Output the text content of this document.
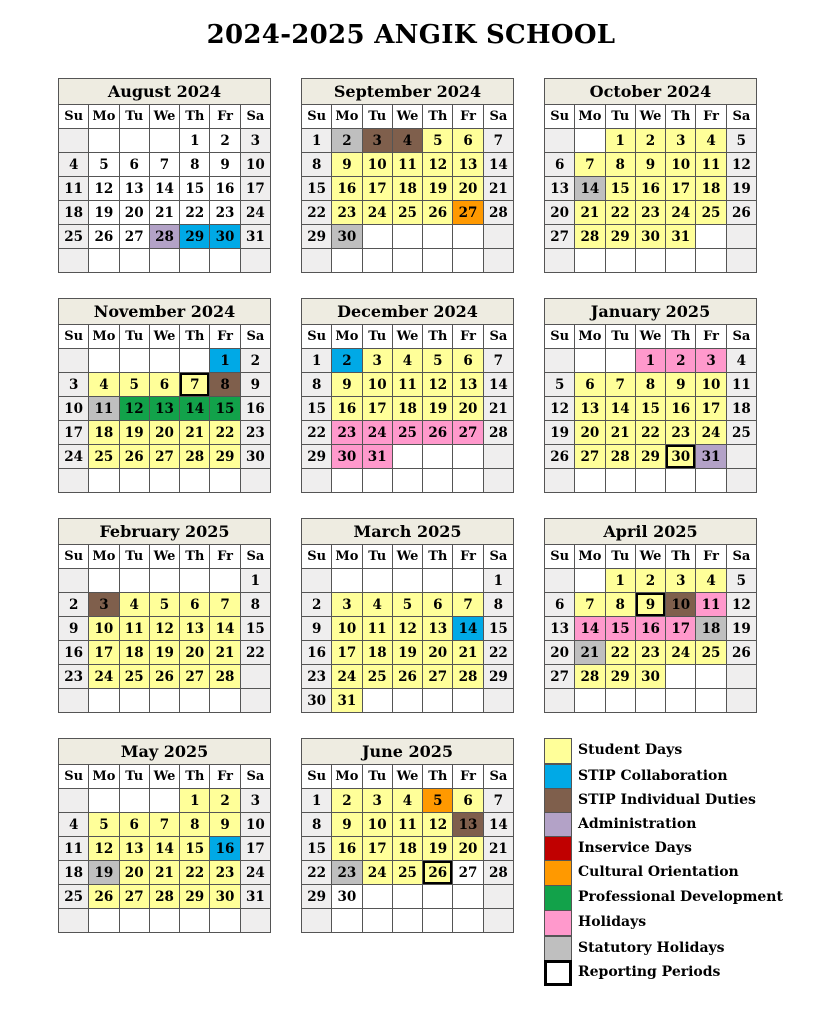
2024-2025 ANGIK SCHOOL
August 2024						
Su	Mo	Tu	We	Th	Fr	Sa
				1	2	3
4	5	6	7	8	9	10
11	12	13	14	15	16	17
18	19	20	21	22	23	24
25	26	27	28	29	30	31

September 2024						
Su	Mo	Tu	We	Th	Fr	Sa
1	2	3	4	5	6	7
8	9	10	11	12	13	14
15	16	17	18	19	20	21
22	23	24	25	26	27	28
29	30					

October 2024						
Su	Mo	Tu	We	Th	Fr	Sa
		1	2	3	4	5
6	7	8	9	10	11	12
13	14	15	16	17	18	19
20	21	22	23	24	25	26
27	28	29	30	31		

November 2024						
Su	Mo	Tu	We	Th	Fr	Sa
					1	2
3	4	5	6	7	8	9
10	11	12	13	14	15	16
17	18	19	20	21	22	23
24	25	26	27	28	29	30

December 2024						
Su	Mo	Tu	We	Th	Fr	Sa
1	2	3	4	5	6	7
8	9	10	11	12	13	14
15	16	17	18	19	20	21
22	23	24	25	26	27	28
29	30	31				

January 2025						
Su	Mo	Tu	We	Th	Fr	Sa
			1	2	3	4
5	6	7	8	9	10	11
12	13	14	15	16	17	18
19	20	21	22	23	24	25
26	27	28	29	30	31	

February 2025						
Su	Mo	Tu	We	Th	Fr	Sa
						1
2	3	4	5	6	7	8
9	10	11	12	13	14	15
16	17	18	19	20	21	22
23	24	25	26	27	28	

March 2025						
Su	Mo	Tu	We	Th	Fr	Sa
						1
2	3	4	5	6	7	8
9	10	11	12	13	14	15
16	17	18	19	20	21	22
23	24	25	26	27	28	29
30	31					
April 2025						
Su	Mo	Tu	We	Th	Fr	Sa
		1	2	3	4	5
6	7	8	9	10	11	12
13	14	15	16	17	18	19
20	21	22	23	24	25	26
27	28	29	30			

May 2025						
Su	Mo	Tu	We	Th	Fr	Sa
				1	2	3
4	5	6	7	8	9	10
11	12	13	14	15	16	17
18	19	20	21	22	23	24
25	26	27	28	29	30	31

June 2025						
Su	Mo	Tu	We	Th	Fr	Sa
1	2	3	4	5	6	7
8	9	10	11	12	13	14
15	16	17	18	19	20	21
22	23	24	25	26	27	28
29	30					

Student Days
STIP Collaboration
STIP Individual Duties
Administration
Inservice Days
Cultural Orientation
Professional Development
Holidays
Statutory Holidays
Reporting Periods
